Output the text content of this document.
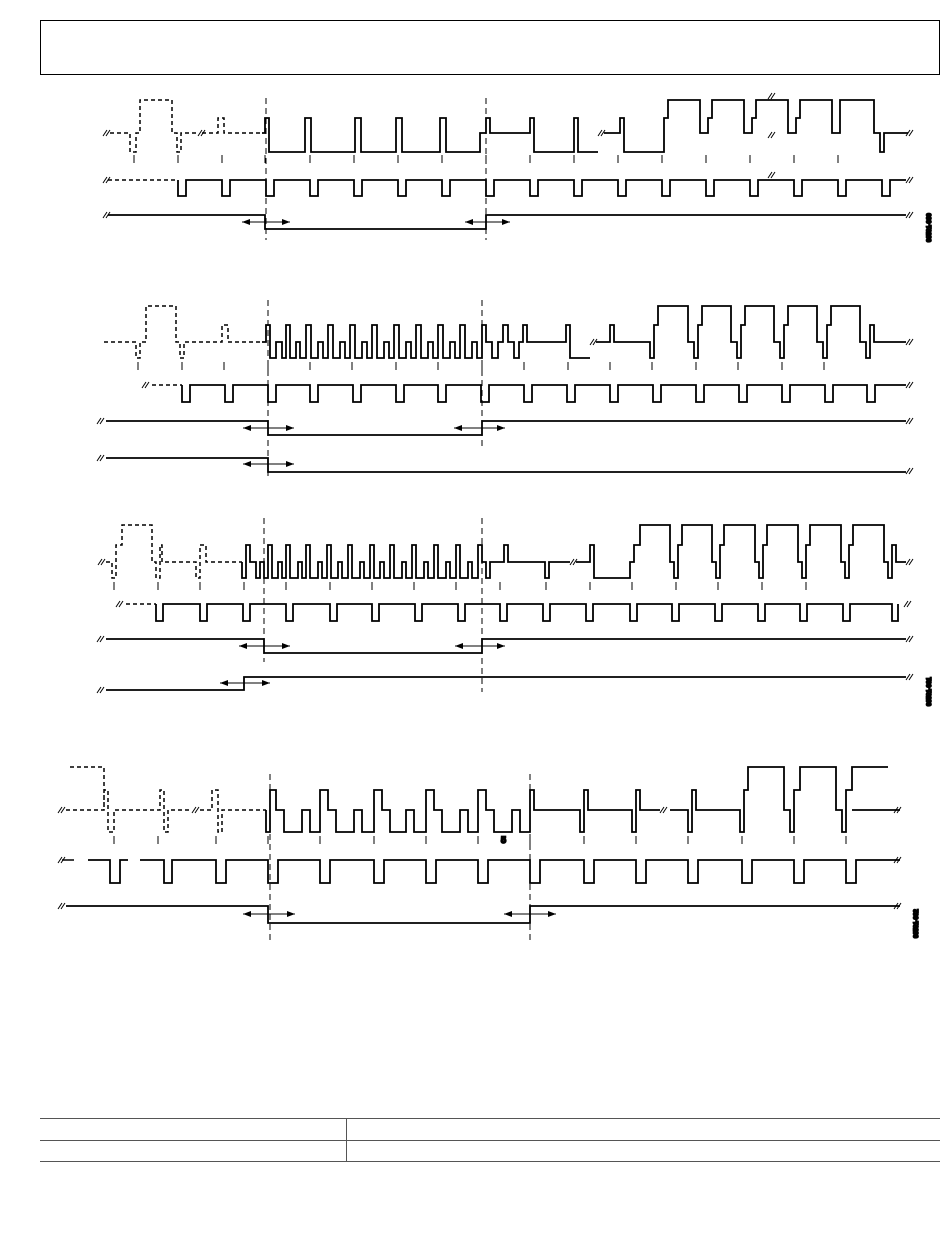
08581-060
08581-061
5
08581-062
